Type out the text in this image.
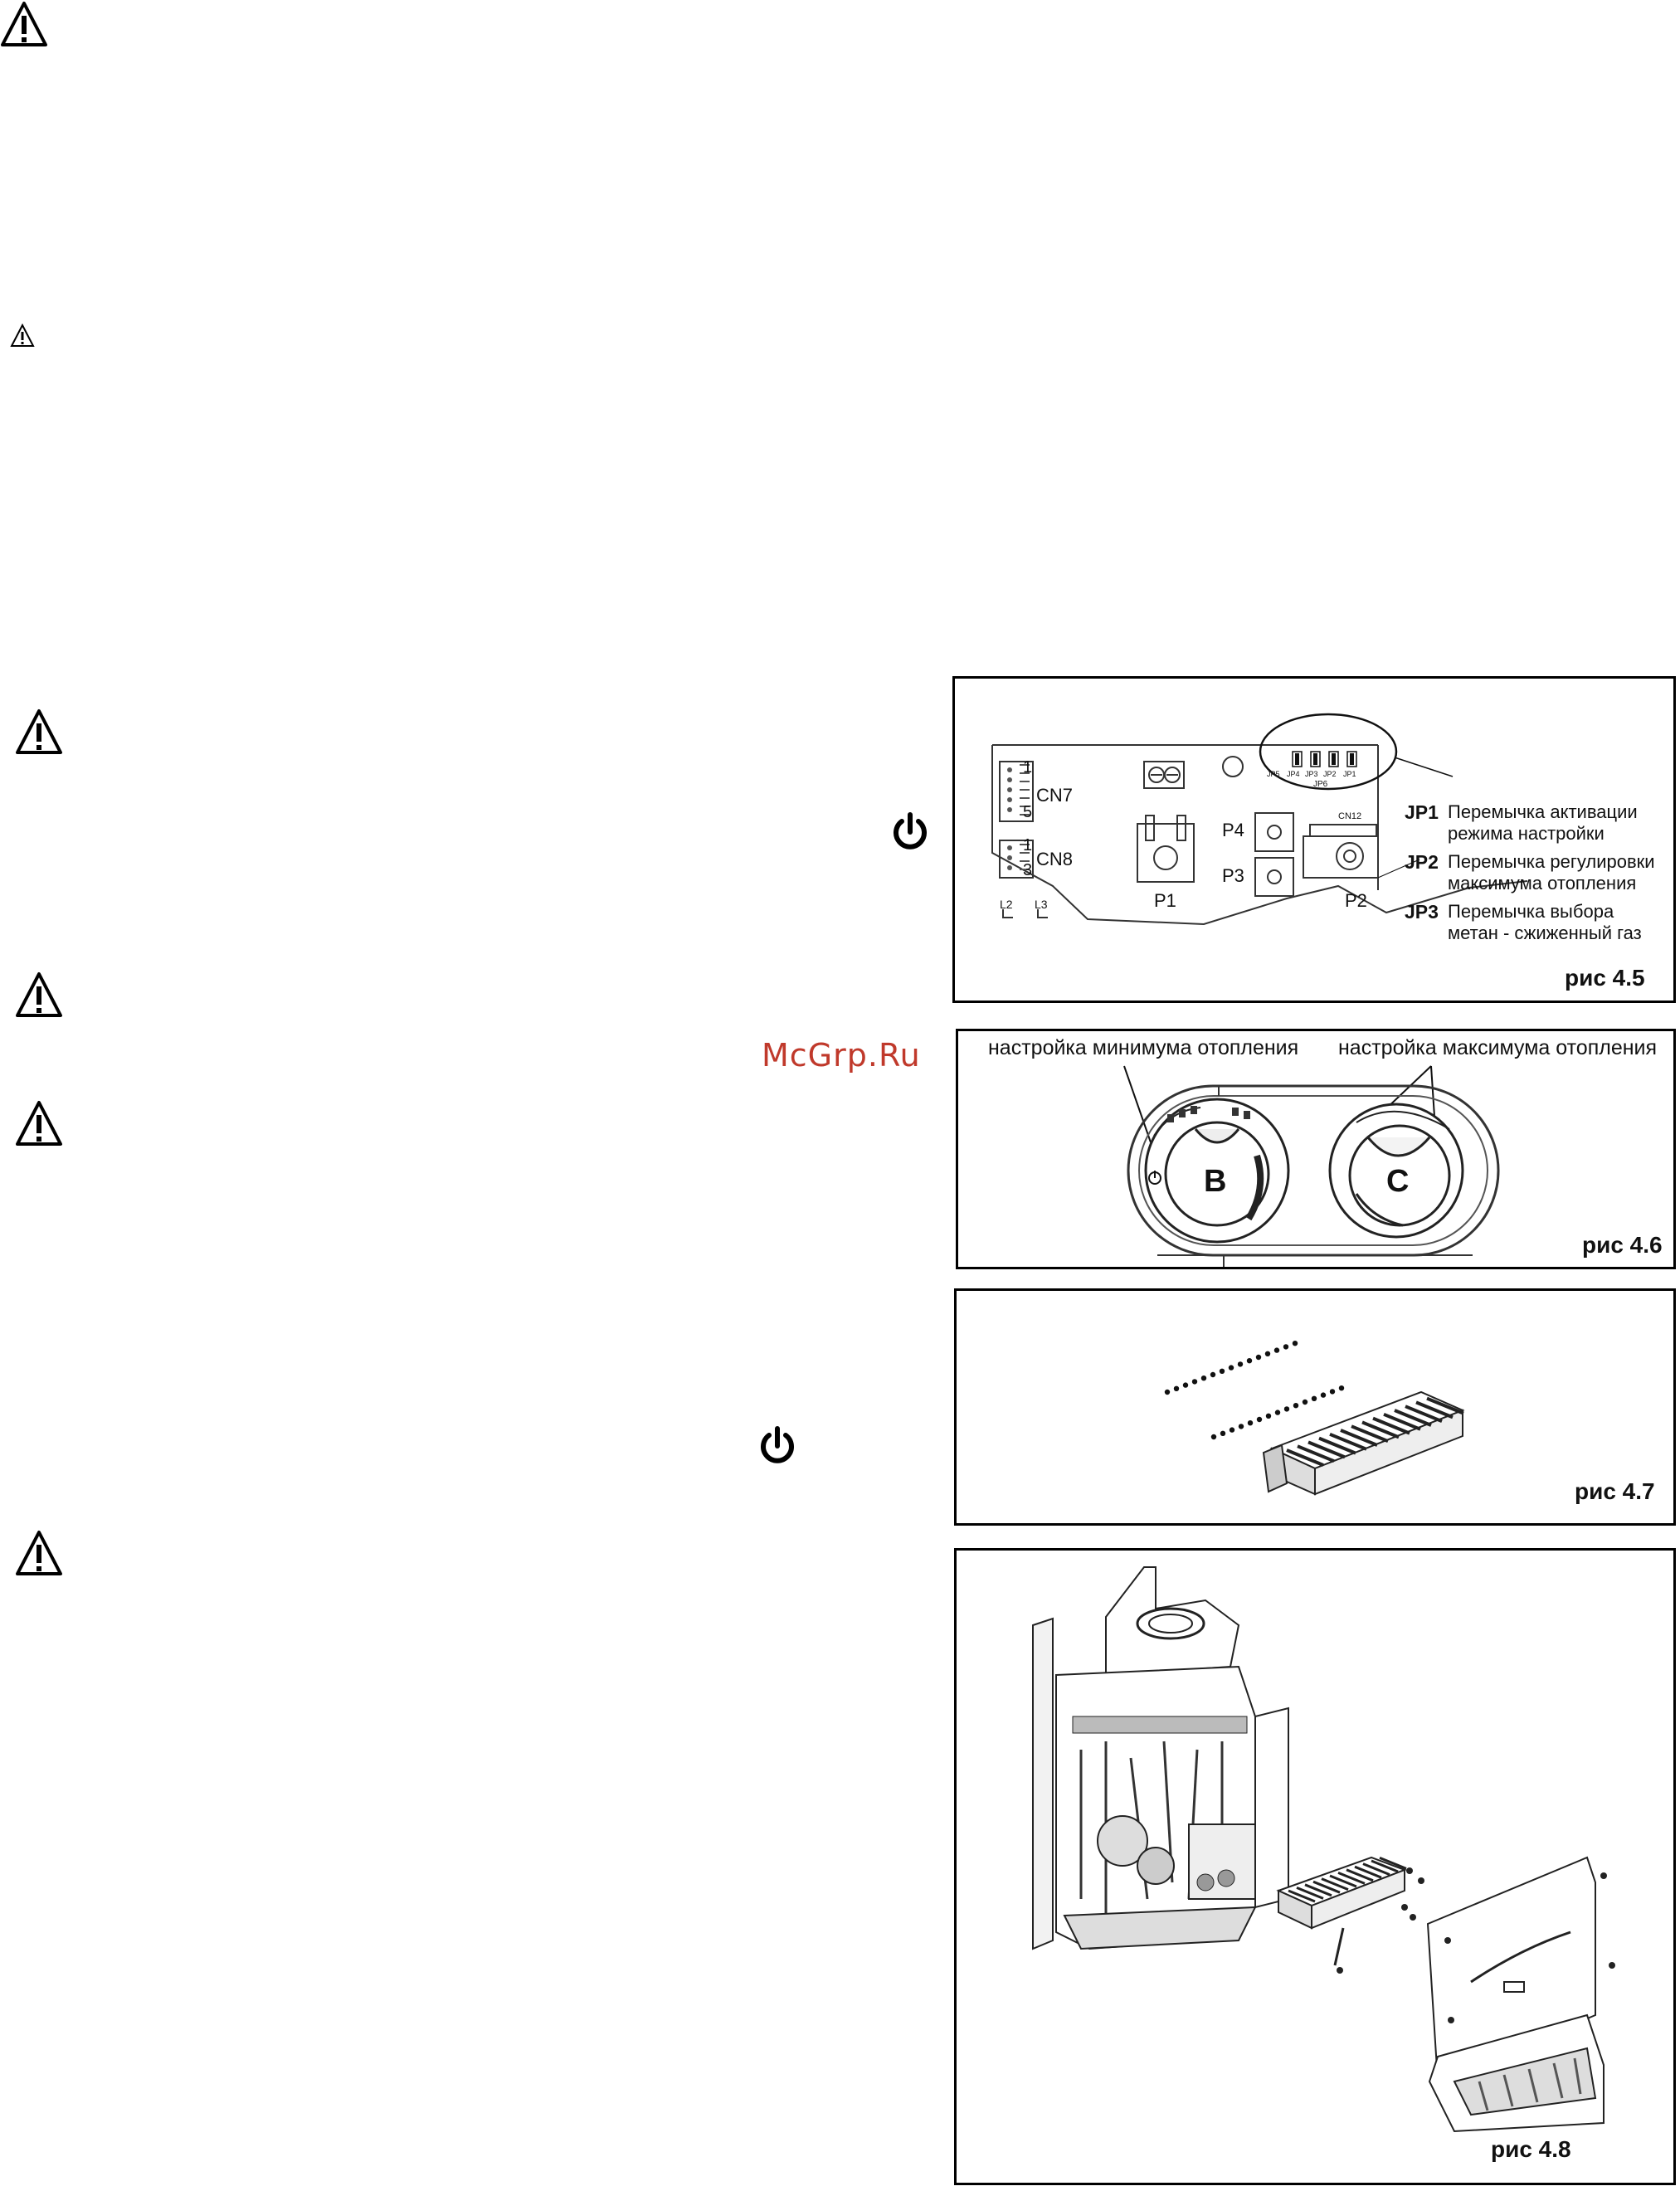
McGrp.Ru
1
CN7
5
1
CN8
3
L2 L3	P1
P4
P3
P2
CN12
JP6
JP5 JP4 JP3 JP2 JP1
JP1 Перемычка активации
режима настройки
JP2 Перемычка регулировки
максимума отопления
JP3 Перемычка выбора
метан - сжиженный газ
рис 4.5
настройка минимума отопления настройка максимума отопления
B	C
рис 4.6
рис 4.7
рис 4.8
